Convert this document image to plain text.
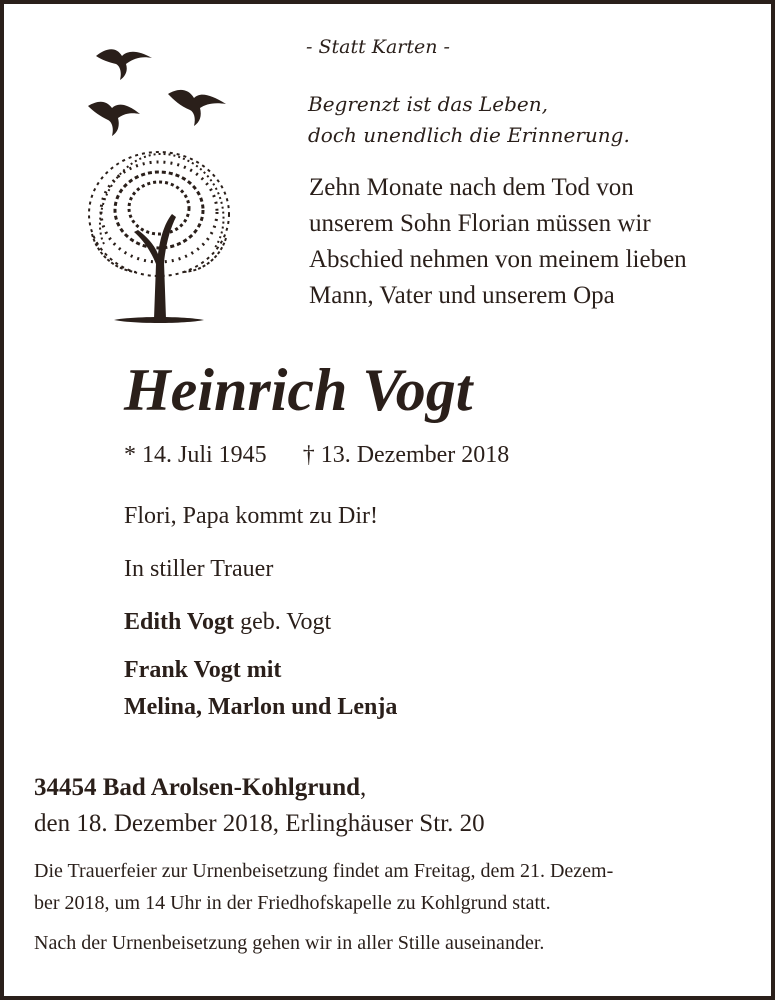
- Statt Karten -

Begrenzt ist das Leben,
doch unendlich die Erinnerung.
Zehn Monate nach dem Tod von
unserem Sohn Florian müssen wir
Abschied nehmen von meinem lieben
Mann, Vater und unserem Opa
Heinrich Vogt
* 14. Juli 1945 † 13. Dezember 2018

Flori, Papa kommt zu Dir!

In stiller Trauer

Edith Vogt geb. Vogt

Frank Vogt mit

Melina, Marlon und Lenja

34454 Bad Arolsen-Kohlgrund,

den 18. Dezember 2018, Erlinghäuser Str. 20

Die Trauerfeier zur Urnenbeisetzung findet am Freitag, dem 21. Dezem-
ber 2018, um 14 Uhr in der Friedhofskapelle zu Kohlgrund statt.

Nach der Urnenbeisetzung gehen wir in aller Stille auseinander.
